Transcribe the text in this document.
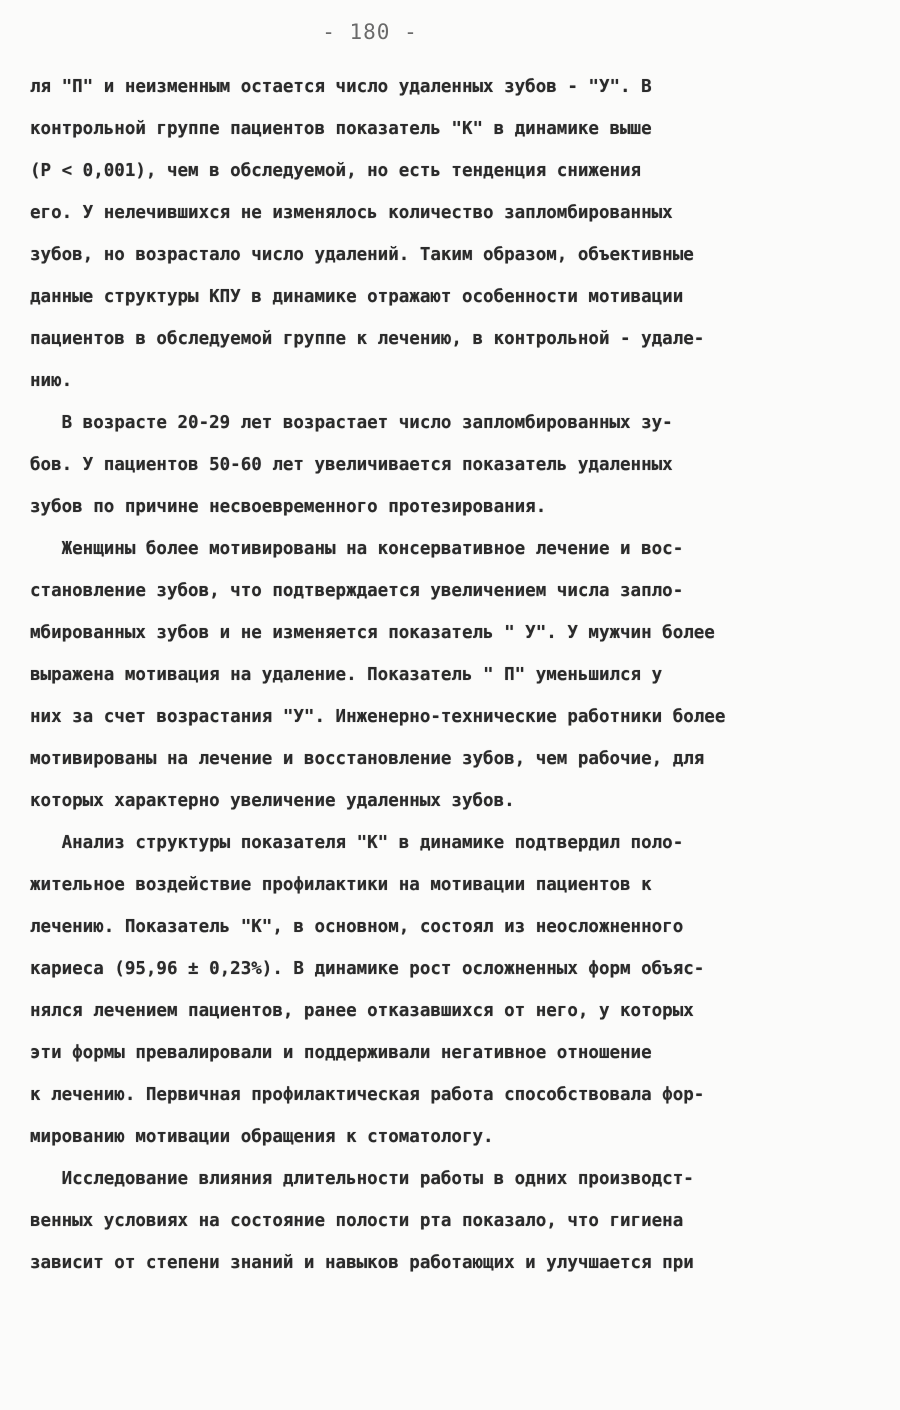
- 180 -
ля "П" и неизменным остается число удаленных зубов - "У". В
контрольной группе пациентов показатель "К" в динамике выше
(P < 0,001), чем в обследуемой, но есть тенденция снижения
его. У нелечившихся не изменялось количество запломбированных
зубов, но возрастало число удалений. Таким образом, объективные
данные структуры КПУ в динамике отражают особенности мотивации
пациентов в обследуемой группе к лечению, в контрольной - удале-
нию.
В возрасте 20-29 лет возрастает число запломбированных зу-
бов. У пациентов 50-60 лет увеличивается показатель удаленных
зубов по причине несвоевременного протезирования.
Женщины более мотивированы на консервативное лечение и вос-
становление зубов, что подтверждается увеличением числа запло-
мбированных зубов и не изменяется показатель " У". У мужчин более
выражена мотивация на удаление. Показатель " П" уменьшился у
них за счет возрастания "У". Инженерно-технические работники более
мотивированы на лечение и восстановление зубов, чем рабочие, для
которых характерно увеличение удаленных зубов.
Анализ структуры показателя "К" в динамике подтвердил поло-
жительное воздействие профилактики на мотивации пациентов к
лечению. Показатель "К", в основном, состоял из неосложненного
кариеса (95,96 ± 0,23%). В динамике рост осложненных форм объяс-
нялся лечением пациентов, ранее отказавшихся от него, у которых
эти формы превалировали и поддерживали негативное отношение
к лечению. Первичная профилактическая работа способствовала фор-
мированию мотивации обращения к стоматологу.
Исследование влияния длительности работы в одних производст-
венных условиях на состояние полости рта показало, что гигиена
зависит от степени знаний и навыков работающих и улучшается при
